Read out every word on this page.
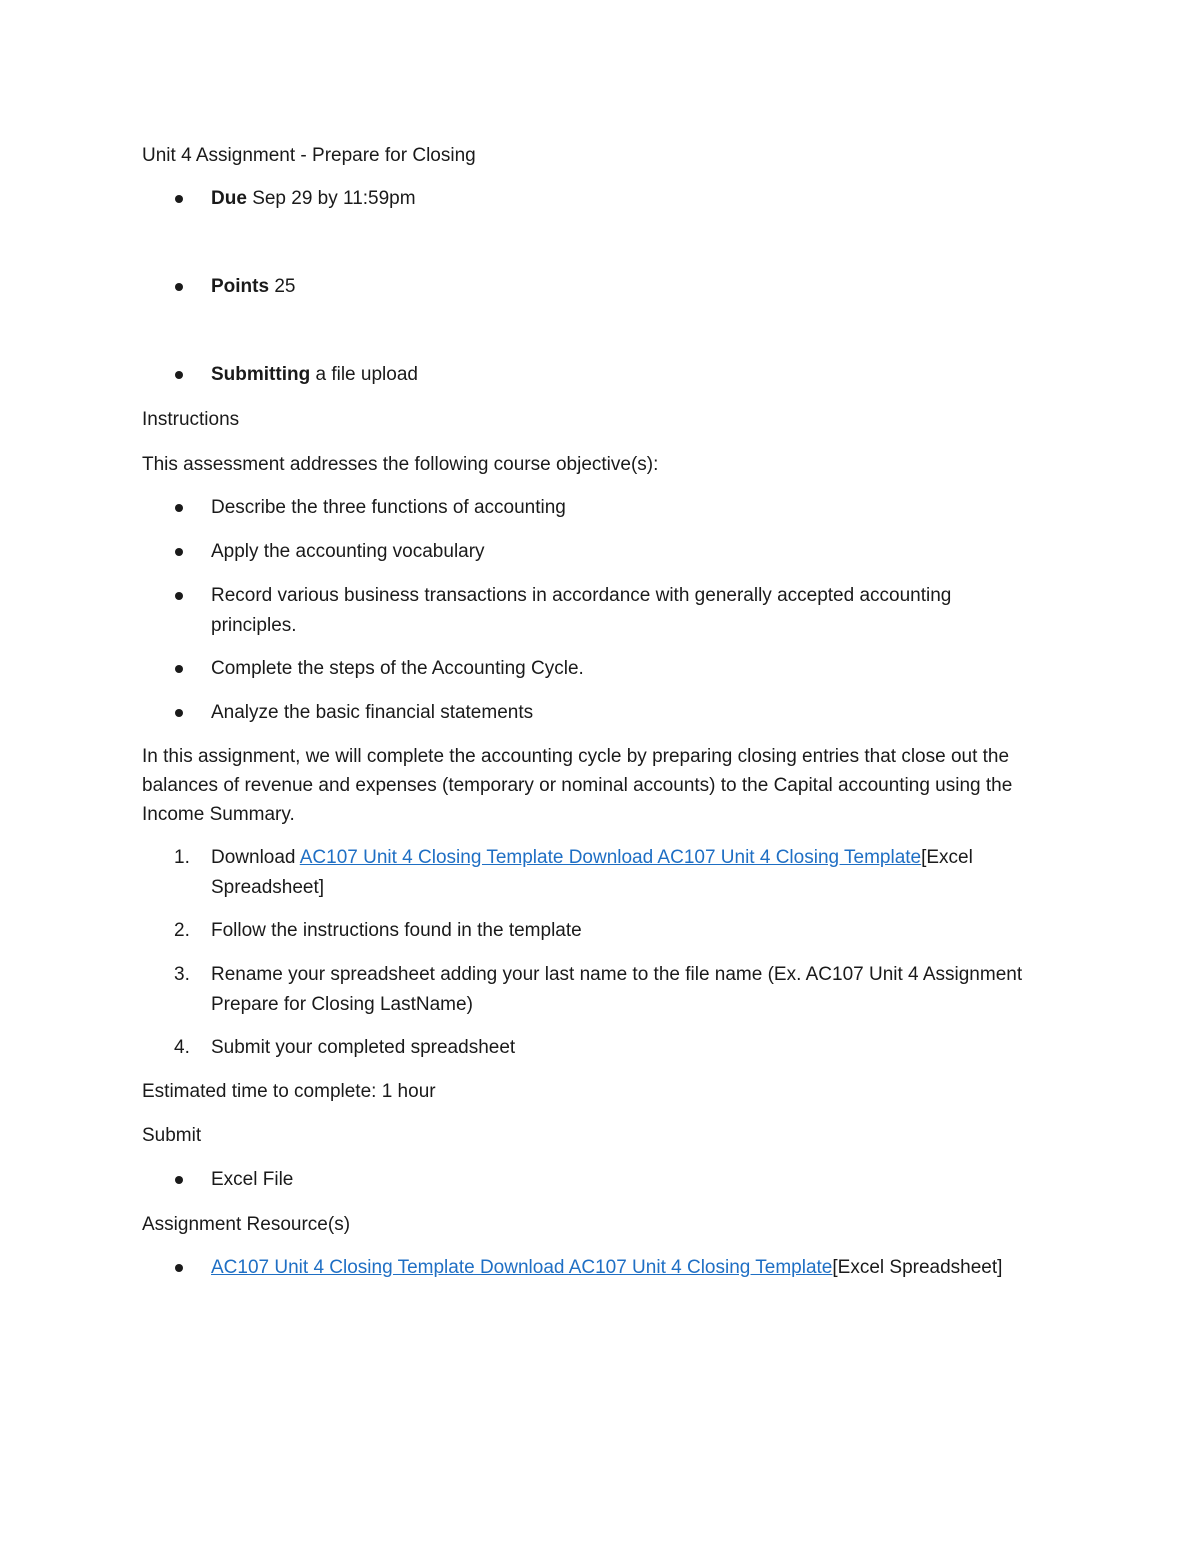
Unit 4 Assignment - Prepare for Closing
Due Sep 29 by 11:59pm
Points 25
Submitting a file upload
Instructions
This assessment addresses the following course objective(s):
Describe the three functions of accounting
Apply the accounting vocabulary
Record various business transactions in accordance with generally accepted accounting principles.
Complete the steps of the Accounting Cycle.
Analyze the basic financial statements
In this assignment, we will complete the accounting cycle by preparing closing entries that close out the balances of revenue and expenses (temporary or nominal accounts) to the Capital accounting using the Income Summary.
1. Download AC107 Unit 4 Closing Template Download AC107 Unit 4 Closing Template[Excel Spreadsheet]
2. Follow the instructions found in the template
3. Rename your spreadsheet adding your last name to the file name (Ex. AC107 Unit 4 Assignment Prepare for Closing LastName)
4. Submit your completed spreadsheet
Estimated time to complete: 1 hour
Submit
Excel File
Assignment Resource(s)
AC107 Unit 4 Closing Template Download AC107 Unit 4 Closing Template[Excel Spreadsheet]
